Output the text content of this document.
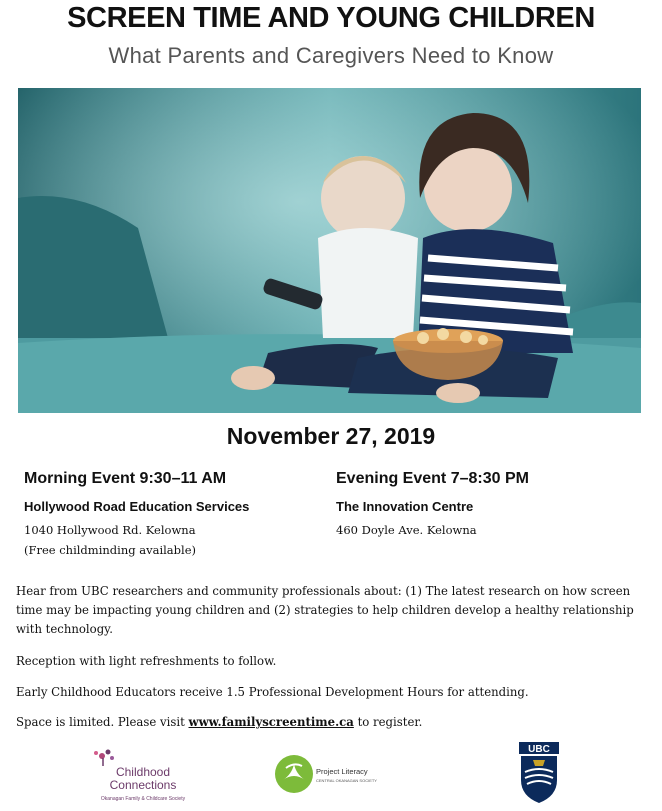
SCREEN TIME AND YOUNG CHILDREN
What Parents and Caregivers Need to Know
November 27, 2019
Morning Event 9:30–11 AM
Hollywood Road Education Services
1040 Hollywood Rd. Kelowna
(Free childminding available)
Evening Event 7–8:30 PM
The Innovation Centre
460 Doyle Ave. Kelowna
Hear from UBC researchers and community professionals about: (1) The latest research on how screen time may be impacting young children and (2) strategies to help children develop a healthy relationship with technology.
Reception with light refreshments to follow.
Early Childhood Educators receive 1.5 Professional Development Hours for attending.
Space is limited. Please visit www.familyscreentime.ca to register.
Childhood
Connections
Okanagan Family & Childcare Society
Project Literacy
CENTRAL OKANAGAN SOCIETY
UBC
